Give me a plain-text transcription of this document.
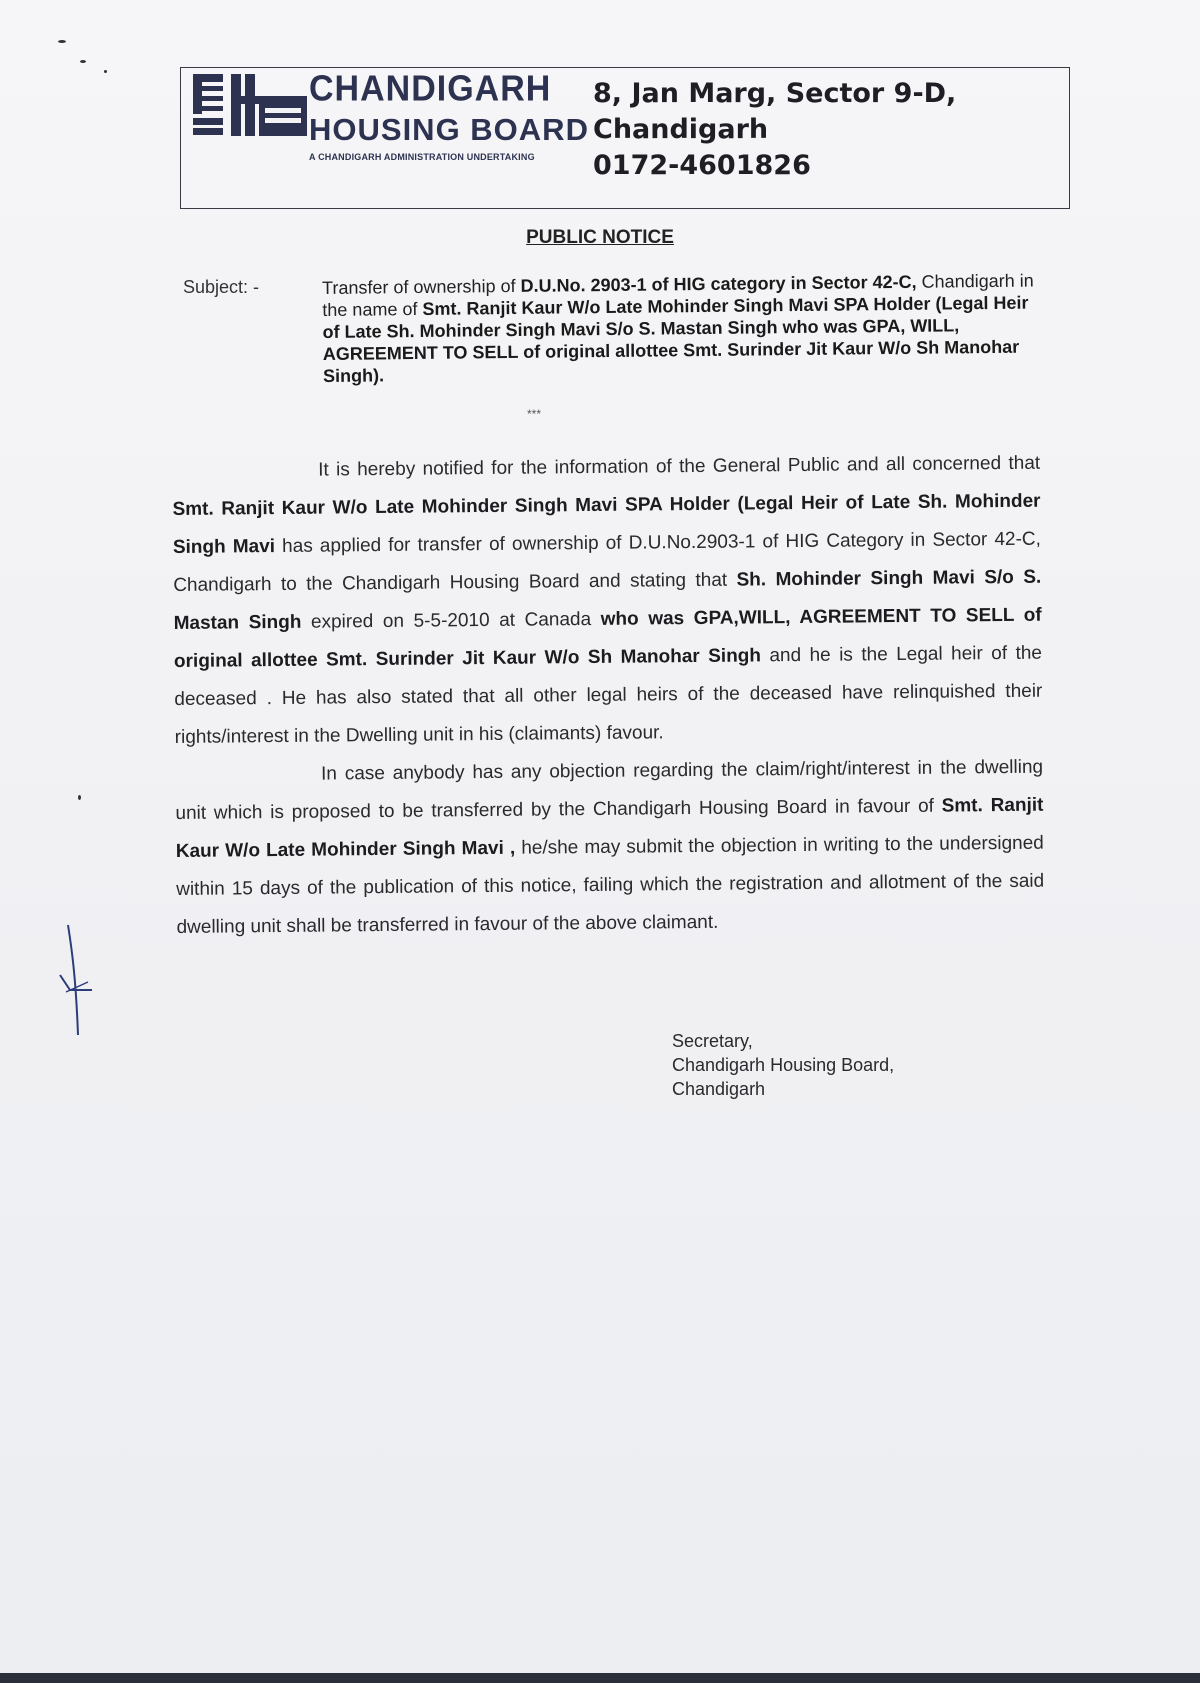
CHANDIGARH
HOUSING BOARD
A CHANDIGARH ADMINISTRATION UNDERTAKING
8, Jan Marg, Sector 9-D,
Chandigarh
0172-4601826
PUBLIC NOTICE
Subject: -	Transfer of ownership of D.U.No. 2903-1 of HIG category in Sector 42-C, Chandigarh in the name of Smt. Ranjit Kaur W/o Late Mohinder Singh Mavi SPA Holder (Legal Heir of Late Sh. Mohinder Singh Mavi S/o S. Mastan Singh who was GPA, WILL, AGREEMENT TO SELL of original allottee Smt. Surinder Jit Kaur W/o Sh Manohar Singh).
***

It is hereby notified for the information of the General Public and all concerned that Smt. Ranjit Kaur W/o Late Mohinder Singh Mavi SPA Holder (Legal Heir of Late Sh. Mohinder Singh Mavi has applied for transfer of ownership of D.U.No.2903-1 of HIG Category in Sector 42-C, Chandigarh to the Chandigarh Housing Board and stating that Sh. Mohinder Singh Mavi S/o S. Mastan Singh expired on 5-5-2010 at Canada who was GPA,WILL, AGREEMENT TO SELL of original allottee Smt. Surinder Jit Kaur W/o Sh Manohar Singh and he is the Legal heir of the deceased . He has also stated that all other legal heirs of the deceased have relinquished their rights/interest in the Dwelling unit in his (claimants) favour.

In case anybody has any objection regarding the claim/right/interest in the dwelling unit which is proposed to be transferred by the Chandigarh Housing Board in favour of Smt. Ranjit Kaur W/o Late Mohinder Singh Mavi , he/she may submit the objection in writing to the undersigned within 15 days of the publication of this notice, failing which the registration and allotment of the said dwelling unit shall be transferred in favour of the above claimant.

Secretary,
Chandigarh Housing Board,
Chandigarh
